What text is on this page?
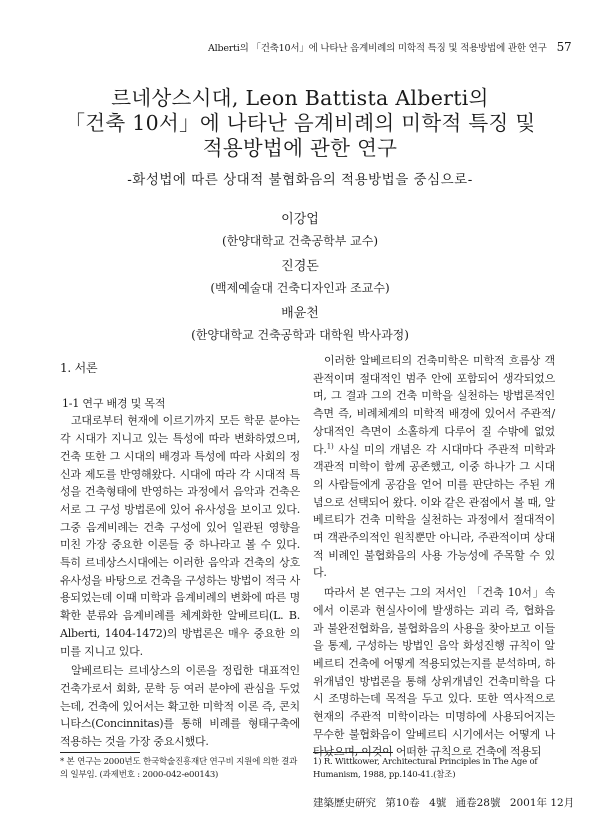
Alberti의 「건축10서」에 나타난 음계비례의 미학적 특징 및 적용방법에 관한 연구 57
르네상스시대, Leon Battista Alberti의
「건축 10서」에 나타난 음계비례의 미학적 특징 및
적용방법에 관한 연구
-화성법에 따른 상대적 불협화음의 적용방법을 중심으로-
이강업
(한양대학교 건축공학부 교수)
진경돈
(백제예술대 건축디자인과 조교수)
배윤천
(한양대학교 건축공학과 대학원 박사과정)
1. 서론
1-1 연구 배경 및 목적

고대로부터 현재에 이르기까지 모든 학문 분야는 각 시대가 지니고 있는 특성에 따라 변화하였으며, 건축 또한 그 시대의 배경과 특성에 따라 사회의 정신과 제도를 반영해왔다. 시대에 따라 각 시대적 특성을 건축형태에 반영하는 과정에서 음악과 건축은 서로 그 구성 방법론에 있어 유사성을 보이고 있다. 그중 음계비례는 건축 구성에 있어 일관된 영향을 미친 가장 중요한 이론들 중 하나라고 볼 수 있다. 특히 르네상스시대에는 이러한 음악과 건축의 상호 유사성을 바탕으로 건축을 구성하는 방법이 적극 사용되었는데 이때 미학과 음계비례의 변화에 따른 명확한 분류와 음계비례를 체계화한 알베르티(L. B. Alberti, 1404-1472)의 방법론은 매우 중요한 의미를 지니고 있다.

알베르티는 르네상스의 이론을 정립한 대표적인 건축가로서 회화, 문학 등 여러 분야에 관심을 두었는데, 건축에 있어서는 확고한 미학적 이론 즉, 콘치니타스(Concinnitas)를 통해 비례를 형태구축에 적용하는 것을 가장 중요시했다.

이러한 알베르티의 건축미학은 미학적 흐름상 객관적이며 절대적인 범주 안에 포함되어 생각되었으며, 그 결과 그의 건축 미학을 실천하는 방법론적인 측면 즉, 비례체계의 미학적 배경에 있어서 주관적/상대적인 측면이 소홀하게 다루어 질 수밖에 없었다.$^{1)}$ 사실 미의 개념은 각 시대마다 주관적 미학과 객관적 미학이 함께 공존했고, 이중 하나가 그 시대의 사람들에게 공감을 얻어 미를 판단하는 주된 개념으로 선택되어 왔다. 이와 같은 관점에서 볼 때, 알베르티가 건축 미학을 실천하는 과정에서 절대적이며 객관주의적인 원칙뿐만 아니라, 주관적이며 상대적 비례인 불협화음의 사용 가능성에 주목할 수 있다.

따라서 본 연구는 그의 저서인 「건축 10서」속에서 이론과 현실사이에 발생하는 괴리 즉, 협화음과 불완전협화음, 불협화음의 사용을 찾아보고 이들을 통제, 구성하는 방법인 음악 화성진행 규칙이 알베르티 건축에 어떻게 적용되었는지를 분석하며, 하위개념인 방법론을 통해 상위개념인 건축미학을 다시 조명하는데 목적을 두고 있다. 또한 역사적으로 현재의 주관적 미학이라는 미명하에 사용되어지는 무수한 불협화음이 알베르티 시기에서는 어떻게 나타났으며, 이것이 어떠한 규칙으로 건축에 적용되

* 본 연구는 2000년도 한국학술진흥재단 연구비 지원에 의한 결과의 일부임. (과제번호 : 2000-042-e00143)
1) R. Wittkower, Architectural Principles in The Age of Humanism, 1988, pp.140-41.(참조)
建築歷史硏究 第10卷 4號 通卷28號 2001年 12月
